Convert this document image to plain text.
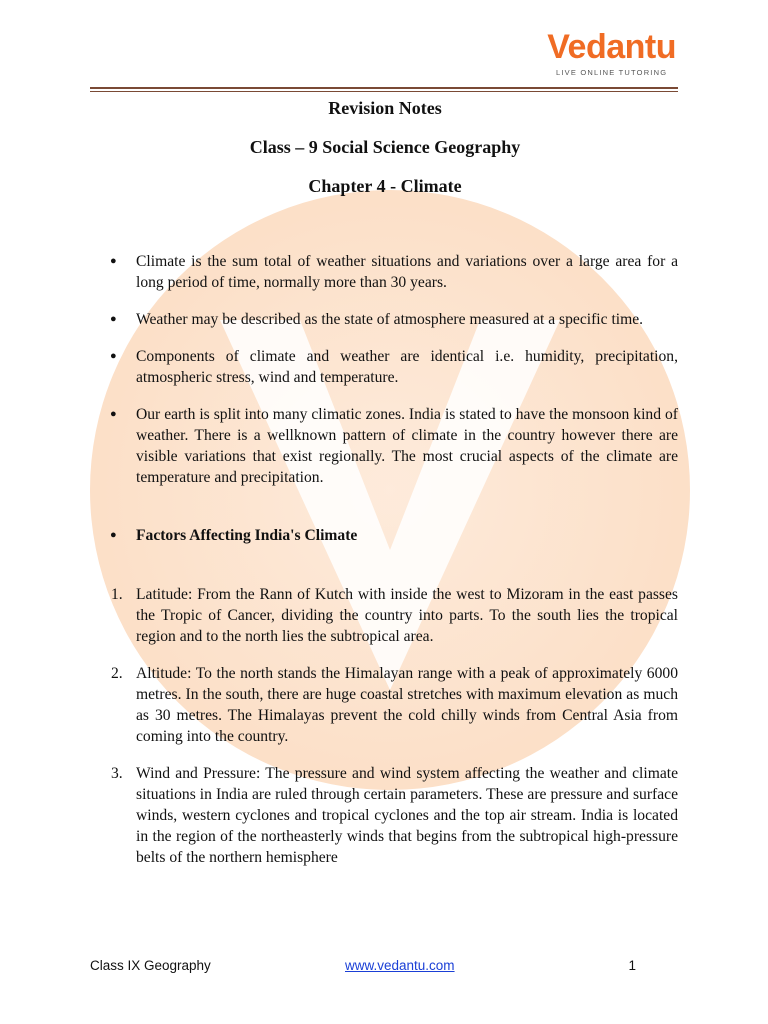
Vedantu
LIVE ONLINE TUTORING
Revision Notes
Class – 9 Social Science Geography
Chapter 4 - Climate
● Climate is the sum total of weather situations and variations over a large area for a long period of time, normally more than 30 years.
● Weather may be described as the state of atmosphere measured at a specific time.
● Components of climate and weather are identical i.e. humidity, precipitation, atmospheric stress, wind and temperature.
● Our earth is split into many climatic zones. India is stated to have the monsoon kind of weather. There is a wellknown pattern of climate in the country however there are visible variations that exist regionally. The most crucial aspects of the climate are temperature and precipitation.
● Factors Affecting India's Climate
1. Latitude: From the Rann of Kutch with inside the west to Mizoram in the east passes the Tropic of Cancer, dividing the country into parts. To the south lies the tropical region and to the north lies the subtropical area.
2. Altitude: To the north stands the Himalayan range with a peak of approximately 6000 metres. In the south, there are huge coastal stretches with maximum elevation as much as 30 metres. The Himalayas prevent the cold chilly winds from Central Asia from coming into the country.
3. Wind and Pressure: The pressure and wind system affecting the weather and climate situations in India are ruled through certain parameters. These are pressure and surface winds, western cyclones and tropical cyclones and the top air stream. India is located in the region of the northeasterly winds that begins from the subtropical high-pressure belts of the northern hemisphere
Class IX Geography	www.vedantu.com	1
